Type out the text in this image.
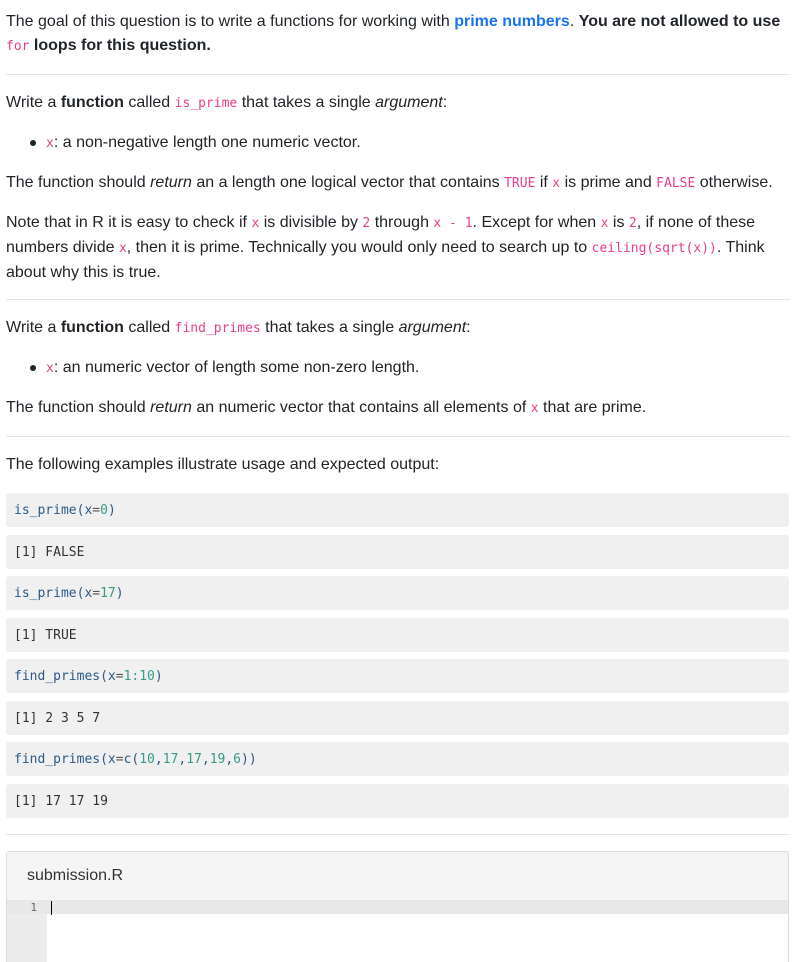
The goal of this question is to write a functions for working with prime numbers. You are not allowed to use
for loops for this question.

Write a function called is_prime that takes a single argument:

x: a non-negative length one numeric vector.

The function should return an a length one logical vector that contains TRUE if x is prime and FALSE otherwise.

Note that in R it is easy to check if x is divisible by 2 through x - 1. Except for when x is 2, if none of these numbers divide x, then it is prime. Technically you would only need to search up to ceiling(sqrt(x)). Think about why this is true.

Write a function called find_primes that takes a single argument:

x: an numeric vector of length some non-zero length.

The function should return an numeric vector that contains all elements of x that are prime.

The following examples illustrate usage and expected output:

is_prime (x = 0 )
[1] FALSE
is_prime (x = 17 )
[1] TRUE
find_primes (x = 1:10 )
[1] 2 3 5 7
find_primes (x = c( 10 , 17 , 17 , 19 , 6 ))
[1] 17 17 19
submission.R
1
